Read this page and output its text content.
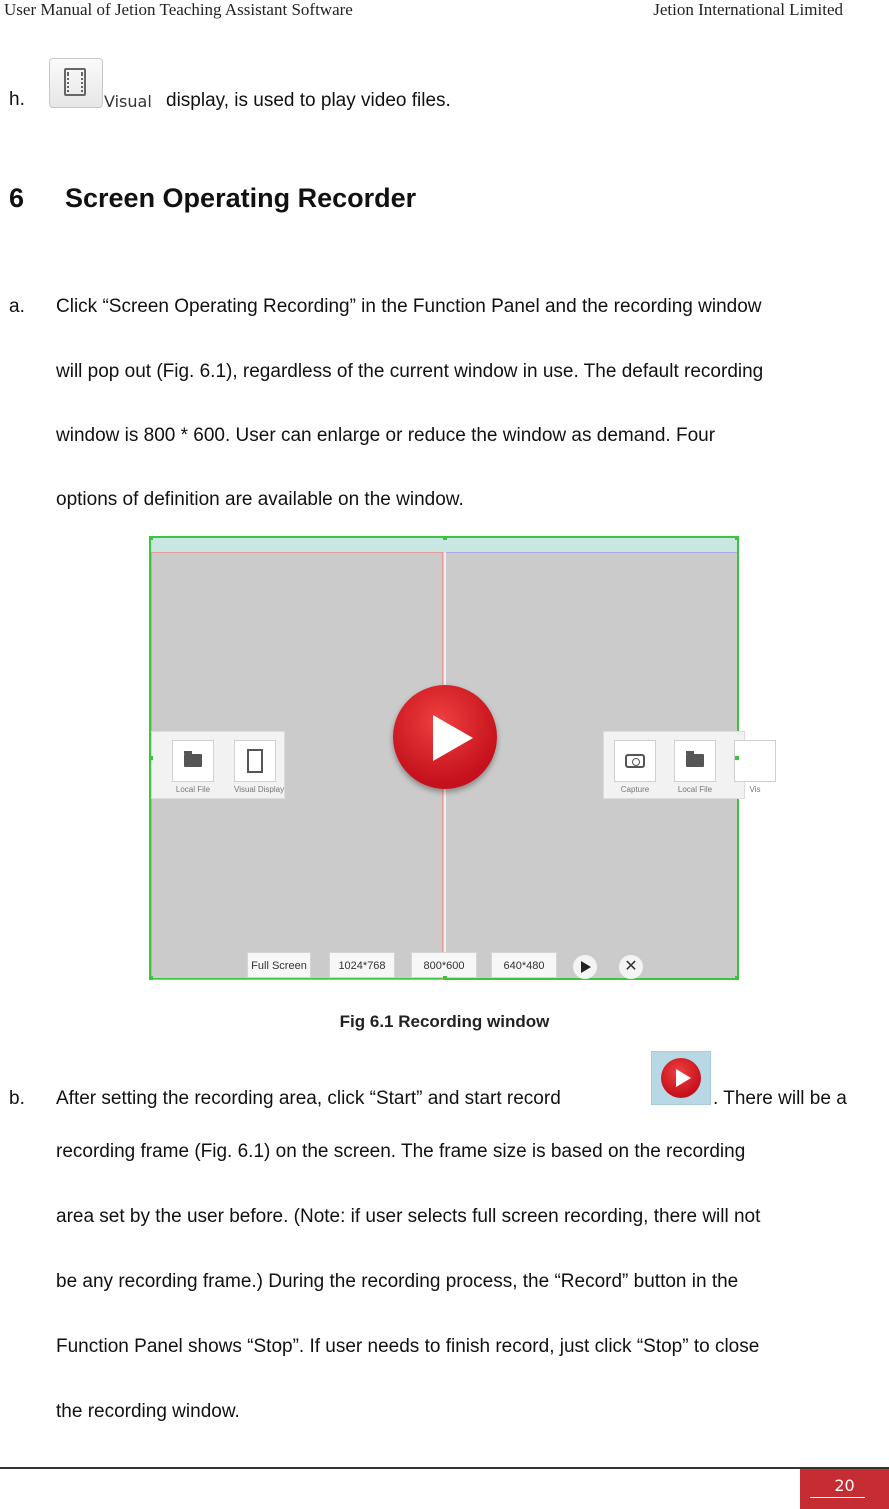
User Manual of Jetion Teaching Assistant Software	Jetion International Limited
h.	Visual display, is used to play video files.
6 Screen Operating Recorder
a. Click “Screen Operating Recording” in the Function Panel and the recording window
will pop out (Fig. 6.1), regardless of the current window in use. The default recording
window is 800 * 600. User can enlarge or reduce the window as demand. Four
options of definition are available on the window.
Local File	Visual Display	Capture	Local File	Vis
Full Screen	1024*768	800*600	640*480	✕
Fig 6.1 Recording window
b. After setting the recording area, click “Start” and start record	. There will be a
recording frame (Fig. 6.1) on the screen. The frame size is based on the recording
area set by the user before. (Note: if user selects full screen recording, there will not
be any recording frame.) During the recording process, the “Record” button in the
Function Panel shows “Stop”. If user needs to finish record, just click “Stop” to close
the recording window.
20
